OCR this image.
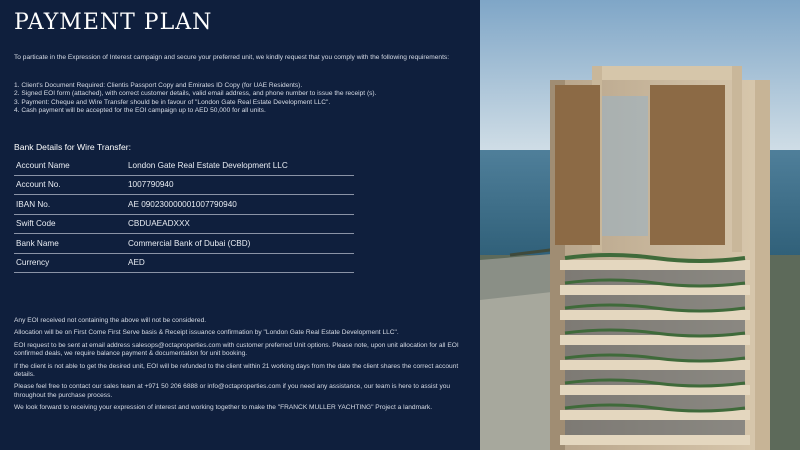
PAYMENT PLAN
To particate in the Expression of Interest campaign and secure your preferred unit, we kindly request that you comply with the following requirements:

1. Client's Document Required: Clientis Passport Copy and Emirates ID Copy (for UAE Residents).

2. Signed EOI form (attached), with correct customer details, valid email address, and phone number to issue the receipt (s).

3. Payment: Cheque and Wire Transfer should be in favour of "London Gate Real Estate Development LLC".

4. Cash payment will be accepted for the EOI campaign up to AED 50,000 for all units.

Bank Details for Wire Transfer:
Account Name	London Gate Real Estate Development LLC
Account No.	1007790940
IBAN No.	AE 090230000001007790940
Swift Code	CBDUAEADXXX
Bank Name	Commercial Bank of Dubai (CBD)
Currency	AED

Any EOI received not containing the above will not be considered.

Allocation will be on First Come First Serve basis & Receipt issuance confirmation by "London Gate Real Estate Development LLC".

EOI request to be sent at email address salesops@octaproperties.com with customer preferred Unit options. Please note, upon unit allocation for all EOI confirmed deals, we require balance payment & documentation for unit booking.

If the client is not able to get the desired unit, EOI will be refunded to the client within 21 working days from the date the client shares the correct account details.

Please feel free to contact our sales team at +971 50 206 6888 or info@octaproperties.com if you need any assistance, our team is here to assist you throughout the purchase process.

We look forward to receiving your expression of interest and working together to make the "FRANCK MULLER YACHTING" Project a landmark.
